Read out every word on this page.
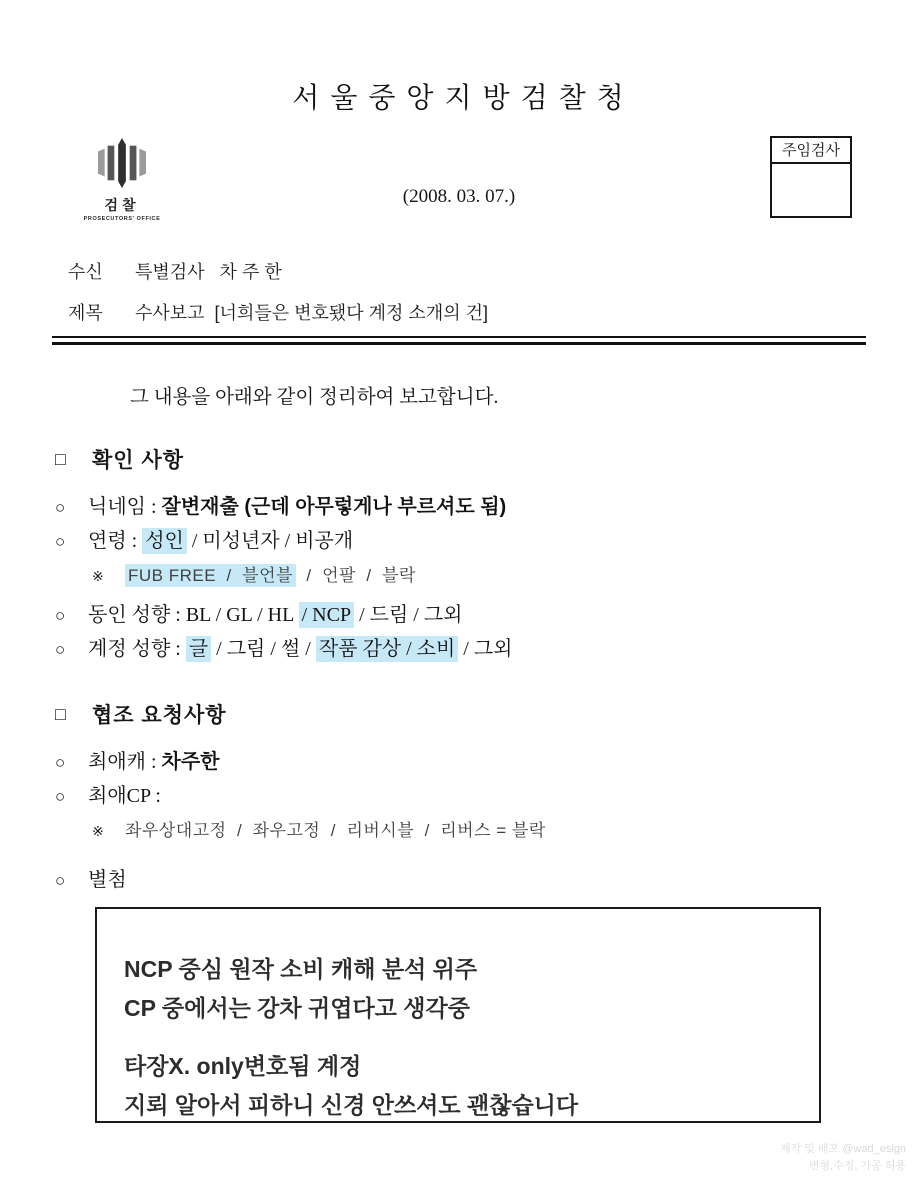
서 울 중 앙 지 방 검 찰 청
검찰
PROSECUTORS' OFFICE
(2008. 03. 07.)
주임검사
수신	특별검사   차 주 한
제목	수사보고  [너희들은 변호됐다 계정 소개의 건]
그 내용을 아래와 같이 정리하여 보고합니다.
□	확인 사항
○	닉네임 : 잘변재출 (근데 아무렇게나 부르셔도 됨)
○	연령 : 성인 / 미성년자 / 비공개
※	FUB FREE  /  블언블  /  언팔  /  블락
○	동인 성향 : BL / GL / HL / NCP / 드림 / 그외
○	계정 성향 : 글 / 그림 / 썰 / 작품 감상 / 소비 / 그외
□	협조 요청사항
○	최애캐 : 차주한
○	최애CP :
※	좌우상대고정  /  좌우고정  /  리버시블  /  리버스 = 블락
○	별첨
NCP 중심 원작 소비 캐해 분석 위주
CP 중에서는 강차 귀엽다고 생각중
타장X. only변호됨 계정
지뢰 알아서 피하니 신경 안쓰셔도 괜찮습니다
제작 및 배포 @wad_esign
변형,수정, 가공 허용
